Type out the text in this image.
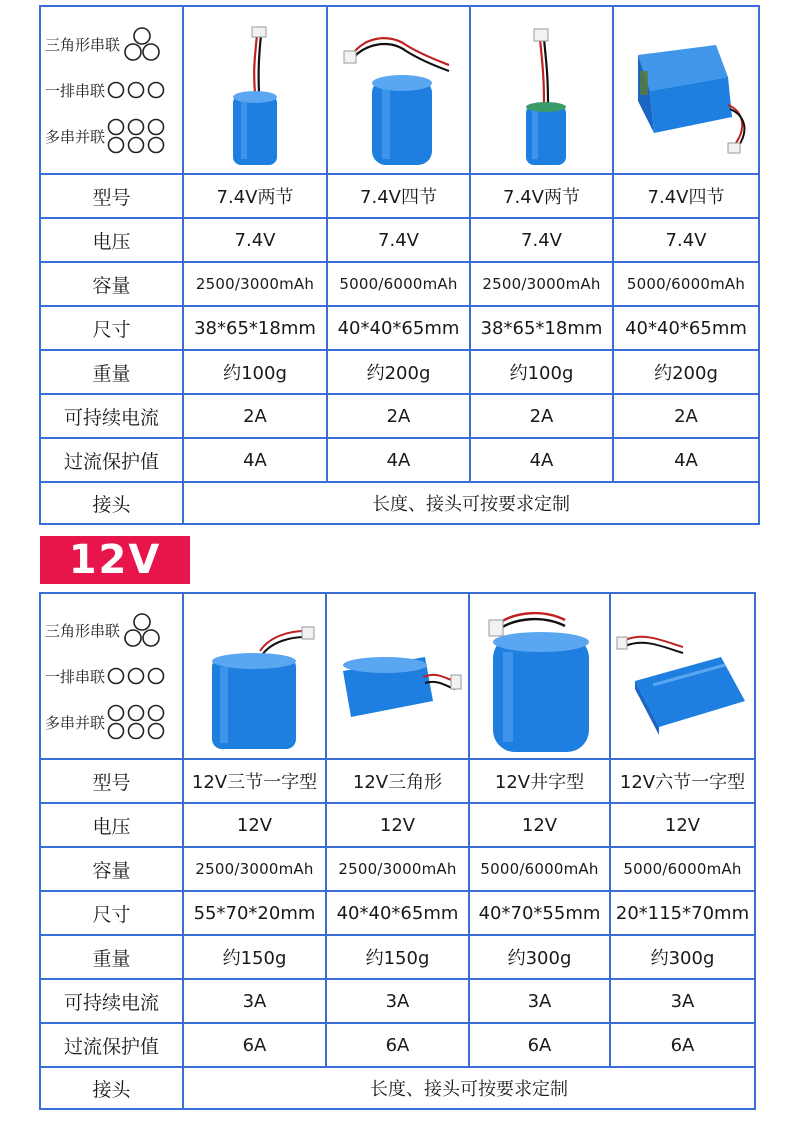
三角形串联
一排串联
多串并联

型号	7.4V两节	7.4V四节	7.4V两节	7.4V四节
电压	7.4V	7.4V	7.4V	7.4V
容量	2500/3000mAh	5000/6000mAh	2500/3000mAh	5000/6000mAh
尺寸	38*65*18mm	40*40*65mm	38*65*18mm	40*40*65mm
重量	约100g	约200g	约100g	约200g
可持续电流	2A	2A	2A	2A
过流保护值	4A	4A	4A	4A
接头	长度、接头可按要求定制			
12V
三角形串联
一排串联
多串并联

型号	12V三节一字型	12V三角形	12V井字型	12V六节一字型
电压	12V	12V	12V	12V
容量	2500/3000mAh	2500/3000mAh	5000/6000mAh	5000/6000mAh
尺寸	55*70*20mm	40*40*65mm	40*70*55mm	20*115*70mm
重量	约150g	约150g	约300g	约300g
可持续电流	3A	3A	3A	3A
过流保护值	6A	6A	6A	6A
接头	长度、接头可按要求定制			
